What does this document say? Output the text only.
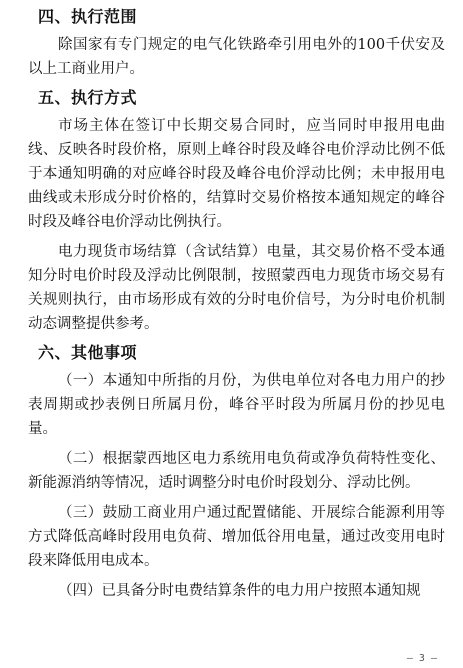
四、执行范围

除国家有专门规定的电气化铁路牵引用电外的100千伏安及以上工商业用户。

五、执行方式

市场主体在签订中长期交易合同时，应当同时申报用电曲线、反映各时段价格，原则上峰谷时段及峰谷电价浮动比例不低于本通知明确的对应峰谷时段及峰谷电价浮动比例；未申报用电曲线或未形成分时价格的，结算时交易价格按本通知规定的峰谷时段及峰谷电价浮动比例执行。

电力现货市场结算（含试结算）电量，其交易价格不受本通知分时电价时段及浮动比例限制，按照蒙西电力现货市场交易有关规则执行，由市场形成有效的分时电价信号，为分时电价机制动态调整提供参考。

六、其他事项

（一）本通知中所指的月份，为供电单位对各电力用户的抄表周期或抄表例日所属月份，峰谷平时段为所属月份的抄见电量。

（二）根据蒙西地区电力系统用电负荷或净负荷特性变化、新能源消纳等情况，适时调整分时电价时段划分、浮动比例。

（三）鼓励工商业用户通过配置储能、开展综合能源利用等方式降低高峰时段用电负荷、增加低谷用电量，通过改变用电时段来降低用电成本。

（四）已具备分时电费结算条件的电力用户按照本通知规

— 3 —
